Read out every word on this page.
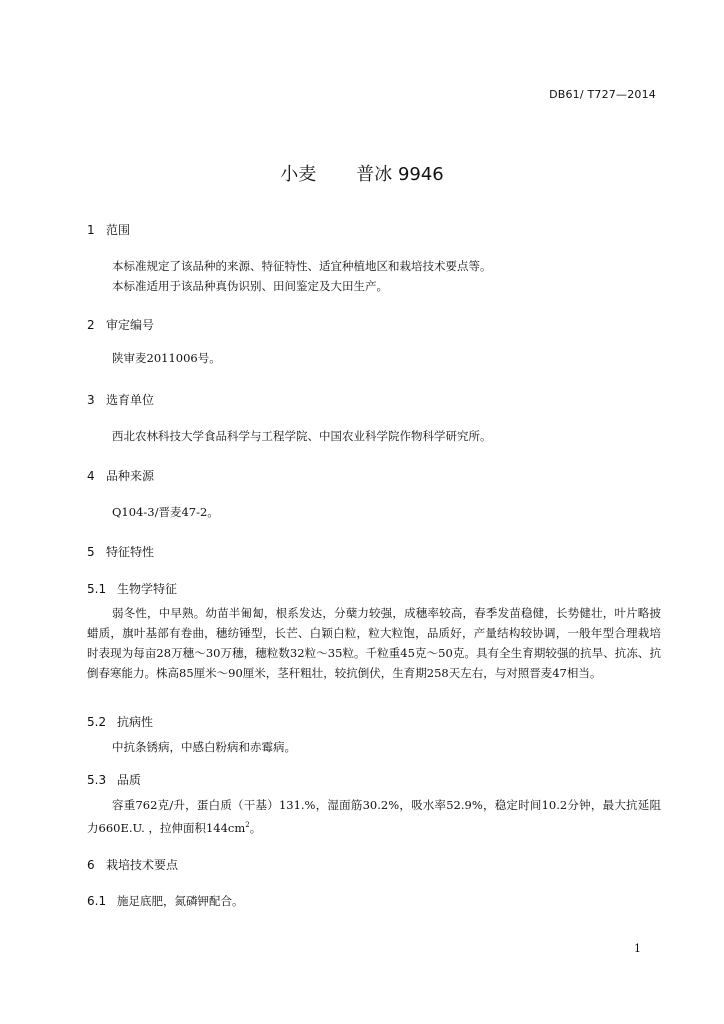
DB61/ T727—2014
小麦 普冰 9946
1 范围
本标准规定了该品种的来源、特征特性、适宜种植地区和栽培技术要点等。
本标准适用于该品种真伪识别、田间鉴定及大田生产。
2 审定编号
陕审麦2011006号。
3 选育单位
西北农林科技大学食品科学与工程学院、中国农业科学院作物科学研究所。
4 品种来源
Q104-3/晋麦47-2。
5 特征特性
5.1 生物学特征
弱冬性，中早熟。幼苗半匍匐，根系发达，分蘖力较强，成穗率较高，春季发苗稳健，长势健壮，叶片略披蜡质，旗叶基部有卷曲，穗纺锤型，长芒、白颖白粒，粒大粒饱，品质好，产量结构较协调，一般年型合理栽培时表现为每亩28万穗～30万穗，穗粒数32粒～35粒。千粒重45克～50克。具有全生育期较强的抗旱、抗冻、抗倒春寒能力。株高85厘米～90厘米，茎秆粗壮，较抗倒伏，生育期258天左右，与对照晋麦47相当。
5.2 抗病性
中抗条锈病，中感白粉病和赤霉病。
5.3 品质
容重762克/升，蛋白质（干基）131.%，湿面筋30.2%，吸水率52.9%，稳定时间10.2分钟，最大抗延阻力660E.U. ，拉伸面积$144cm^2$。
6 栽培技术要点
6.1 施足底肥，氮磷钾配合。
1
